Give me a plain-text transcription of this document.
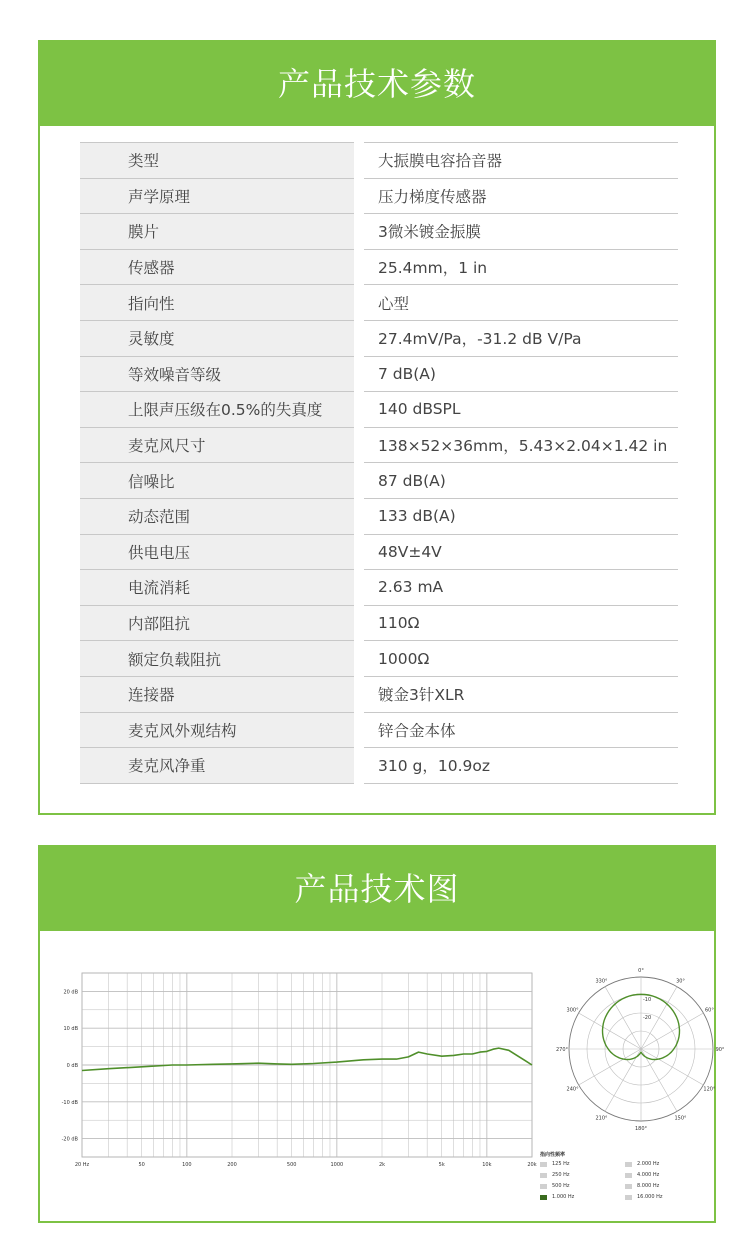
产品技术参数
类型		大振膜电容拾音器
声学原理		压力梯度传感器
膜片		3微米镀金振膜
传感器		25.4mm，1 in
指向性		心型
灵敏度		27.4mV/Pa，-31.2 dB V/Pa
等效噪音等级		7 dB(A)
上限声压级在0.5%的失真度		140 dBSPL
麦克风尺寸		138×52×36mm，5.43×2.04×1.42 in
信噪比		87 dB(A)
动态范围		133 dB(A)
供电电压		48V±4V
电流消耗		2.63 mA
内部阻抗		110Ω
额定负载阻抗		1000Ω
连接器		镀金3针XLR
麦克风外观结构		锌合金本体
麦克风净重		310 g，10.9oz
产品技术图
20 dB
10 dB
0 dB
-10 dB
-20 dB
20 Hz	50	100	200	500	1000	2k	5k	10k	20k
0°
30°
60°
90°
120°
150°
180°
210°
240°
270°
300°
330°
-10
-20
指向性频率
125 Hz	2.000 Hz
250 Hz	4.000 Hz
500 Hz	8.000 Hz
1.000 Hz	16.000 Hz
